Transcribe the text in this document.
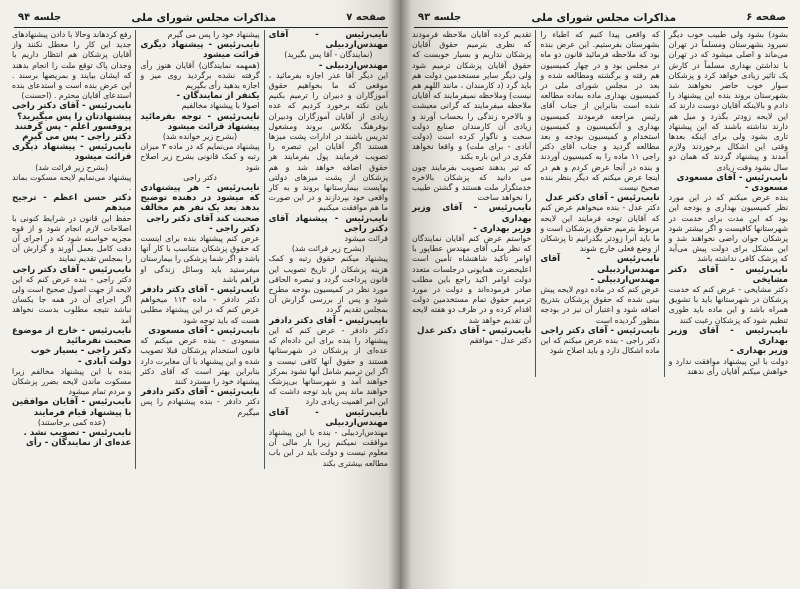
صفحه ۷
مذاکرات مجلس شورای ملی
جلسه ۹۴

نایب‌رئیس - آقای مهندس‌اردبیلی

(نمایندگان - آقا پس بگیرید)

مهندس‌اردبیلی -

این دیگر آقا عذر اجازه بفرمائید ، موقعی که ما بخواهیم حقوق آموزگاران و دبیران را ترمیم بکنیم باین نکته برخورد کردیم که عده زیادی از آقایان آموزگاران ودبیران بوفرهنگ بکلاس بروند ومشغول تدریس باشند در ادارات پشت میزها هستند اگر آقایان این تبصره را تصویب فرمایند پول بفرمایند هر حقوق اضافه خواهد شد و هم پزشکان از پشت میزهای دولتی بهایست بیمارستانها بروند و به کار واقعی خود بپردازند و در این صورت ما هم موافقت میکنیم

نایب‌رئیس - پیشنهاد آقای دکتر راجی

قرائت میشود

(بشرح زیر قرائت شد)

پیشنهاد میکنم حقوق رتبه و کمک هزینه پزشکان از تاریخ تصویب این قانون پرداخت گردد و تبصره الحاقی مورد نظر در کمیسیون بودجه مطرح شود و پس از بررسی گزارش آن بمجلس تقدیم گردد

نایب‌رئیس - آقای دکتر دادفر

دکتر دادفر - عرض کنم که این پیشنهاد را بنده برای این داده‌ام که عده‌ای از پزشکان در شهرستانها هستند و حقوق آنها کافی نیست و اگر این ترمیم شامل آنها نشود بمرکز خواهند آمد و شهرستانها بی‌پزشک خواهند ماند پس باید توجه داشت که این امر اهمیت زیادی دارد

نایب‌رئیس - آقای مهندس‌اردبیلی

مهندس‌اردبیلی - بنده با این پیشنهاد موافقت نمیکنم زیرا بار مالی آن معلوم نیست و دولت باید در این باب مطالعه بیشتری بکند

پیشنهاد خود را پس می گیرم

نایب‌رئیس - پیشنهاد دیگری قرائت میشود

(همهمه نمایندگان) آقایان هنوز رأی گرفته نشده برگردید روی میز و اجازه بدهید رأی بگیریم

یکنفر از نمایندگان -

اصولا با پیشنهاد مخالفیم

نایب‌رئیس - توجه بفرمائید پیشنهاد قرائت میشود

(بشرح زیر خوانده شد)

پیشنهاد می‌نمایم که در ماده ۳ میزان رتبه و کمک قانونی بشرح زیر اصلاح شود

دکتر راجی

نایب‌رئیس - هر پیشنهادی که میشود در دهنده توضیح بدهد بعد یک نفر هم مخالف صحبت کند آقای دکتر راجی

دکتر راجی -

عرض کنم پیشنهاد بنده برای اینست که حقوق پزشکان متناسب با کار آنها باشد و اگر شما پزشکی را بیمارستان میفرستید باید وسائل زندگی او فراهم باشد

نایب‌رئیس - آقای دکتر دادفر

دکتر دادفر - ماده ۱۱۴ میخواهم عرض کنم که در این پیشنهاد مطلبی هست که باید توجه شود

نایب‌رئیس - آقای مسعودی

مسعودی - بنده عرض میکنم که قانون استخدام پزشکان قبلا تصویب شده و این پیشنهاد با آن مغایرت دارد بنابراین بهتر است که آقای دکتر پیشنهاد خود را مسترد کنند

نایب‌رئیس - آقای دکتر دادفر

دکتر دادفر - بنده پیشنهادم را پس میگیرم

رفع کردهاند وحالا با دادن پیشنهادهای جدید این کار را معطل نکنند واز آقایان پزشکان هم انتظار داریم با وجدان پاک توقع ملت را انجام بدهند که ایشان بیایند و بمریضها برسند . این عرض بنده است و استدعای بنده استدعای آقایان محترم . (احسنت)

نایب‌رئیس - آقای دکتر راجی پیشنهادتان را پس میگیرید؟

پروفسور اعلم - پس گرفتند

دکتر راجی - پس می گیرم

نایب‌رئیس - پیشنهاد دیگری قرائت میشود

(بشرح زیر قرائت شد)

پیشنهاد می‌نمایم لایحه مسکوت بماند .

دکتر حسن اعظم - ترجیح میدهم

حفظ این قانون در شرایط کنونی با اصلاحات لازم انجام شود و از قوه مجریه خواسته شود که در اجرای آن دقت کامل بعمل آورند و گزارش آن را بمجلس تقدیم نمایند

نایب‌رئیس - آقای دکتر راجی

دکتر راجی - بنده عرض کنم که این لایحه از جهت اصول صحیح است ولی اگر اجرای آن در همه جا یکسان نباشد نتیجه مطلوب بدست نخواهد آمد

نایب‌رئیس - خارج از موضوع صحبت نفرمائید

دکتر راجی - بسیار خوب

دولت آبادی -

بنده با این پیشنهاد مخالفم زیرا مسکوت ماندن لایحه بضرر پزشکان و مردم تمام میشود

نایب‌رئیس - آقایان موافقین با پیشنهاد قیام فرمایند

(عده کمی برخاستند)

نایب‌رئیس - تصویب نشد .

عده‌ای از نمایندگان - رأی

صفحه ۶
مذاکرات مجلس شورای ملی
جلسه ۹۳

بشود) بشود ولی طبیب خوب دیگر نمیرود بشهرستان ومسلماً در تهران می‌ماند و اصلی میشود که در تهران با نداشتن بهداری مسلماً در کارش یک تاثیر زیادی خواهد کرد و پزشکان سوار خوب حاضر نخواهند شد بشهرستان بروند بنده این پیشنهاد را دادم و بالاینکه آقایان دوست دارند که این لایحه زودتر بگذرد و میل هم دارند نداشته باشند که این پیشنهاد تاری بشود ولی برای اینکه بعدها وقتی این اشکال برخوردند ولازم آمدند و پیشنهاد گردند که همان دو سال بشود وقت زیادی

نایب‌رئیس - آقای مسعودی

مسعودی -

بنده عرض میکنم که در این مورد نظر کمیسیون بهداری و بودجه این بود که این مدت برای خدمت در شهرستانها کافیست و اگر بیشتر شود پزشکان جوان راضی نخواهند شد و این مشکل برای دولت پیش می‌آید که پزشک کافی نداشته باشد

نایب‌رئیس - آقای دکتر مشایخی

دکتر مشایخی - عرض کنم که خدمت پزشکان در شهرستانها باید با تشویق همراه باشد و این ماده باید طوری تنظیم شود که پزشکان رغبت کنند

نایب‌رئیس - آقای وزیر بهداری

وزیر بهداری -

دولت با این پیشنهاد موافقت ندارد و خواهش میکنم آقایان رأی ندهند

که واقعی پیدا کنیم که اطباء را بشهرستان بفرستیم. این عرض بنده بود که ملاحظه فرمائید قانون دو ماه در مجلس بود و در چهار کمیسیون هم رفته و برگشته ومطالعه شده و بعد در مجلس شورای ملی در کمیسیون بهداری ماده بماده مطالعه شده است بنابراین از جناب آقای رئیس مراجعه فرمودند کمیسیون بهداری و آنکمیسیون و کمیسیون استخدام و کمیسیون بودجه و بعد مطالعه گردید و جناب آقای دکتر راجی ۱۱ ماده را به کمیسیون آوردند و بنده در آنجا عرض کردم و هم در اینجا عرض میکنم که دیگر بنظر بنده صحیح نیست

نایب‌رئیس - آقای دکتر عدل

دکتر عدل - بنده میخواهم عرض کنم که آقایان توجه فرمایند این لایحه مربوط بترمیم حقوق پزشکان است و ما باید آنرا زودتر بگذرانیم تا پزشکان از وضع فعلی خارج شوند

نایب‌رئیس - آقای مهندس‌اردبیلی

مهندس‌اردبیلی -

عرض کنم که در ماده دوم لایحه پیش بینی شده که حقوق پزشکان بتدریج اضافه شود و اعتبار آن نیز در بودجه منظور گردیده است

نایب‌رئیس - آقای دکتر راجی

دکتر راجی - بنده عرض میکنم که این ماده اشکال دارد و باید اصلاح شود

تقدیم کرده آقایان ملاحظه فرمودند که نظری بترمیم حقوق آقایان پزشکان نداریم و بسیار خوبست که حقوق آقایان پزشکان ترمیم شود ولی دیگر سایر مستخدمین دولت هم باید گرد (د کارمندان ، مانند اللهم هم نیست) وملاحظه نمیفرمایند که آقایان ملاحظه میفرمایند که گرانی معیشت و بالاخره زندگی را بحساب آورند و زیادی آن کارمندان صنایع دولت سخت و ناگوار کرده است (دولت آبادی - برای ملت) و واقعا نخواهد فکری در این باره بکند

که تیر بدهند تصویب بفرمایند چون می دانید که پزشکان بالاخره خدمتگزار ملت هستند و گشتن طبیب را نخواهد ساخت

نایب‌رئیس - آقای وزیر بهداری

وزیر بهداری -

خواستم عرض کنم آقایان نمایندگان که نظر ملی آقای مهندس عطاپور با اوامر تأکید شاهنشاه تأمین است اعلیحضرت همایونی درجلسات متعدد دولت اوامر اکید راجع باین مطلب صادر فرموده‌اند و دولت در مورد ترمیم حقوق تمام مستخدمین دولت اقدام کرده و در ظرف دو هفته لایحه آن تقدیم خواهد شد

نایب‌رئیس - آقای دکتر عدل

دکتر عدل - موافقم
